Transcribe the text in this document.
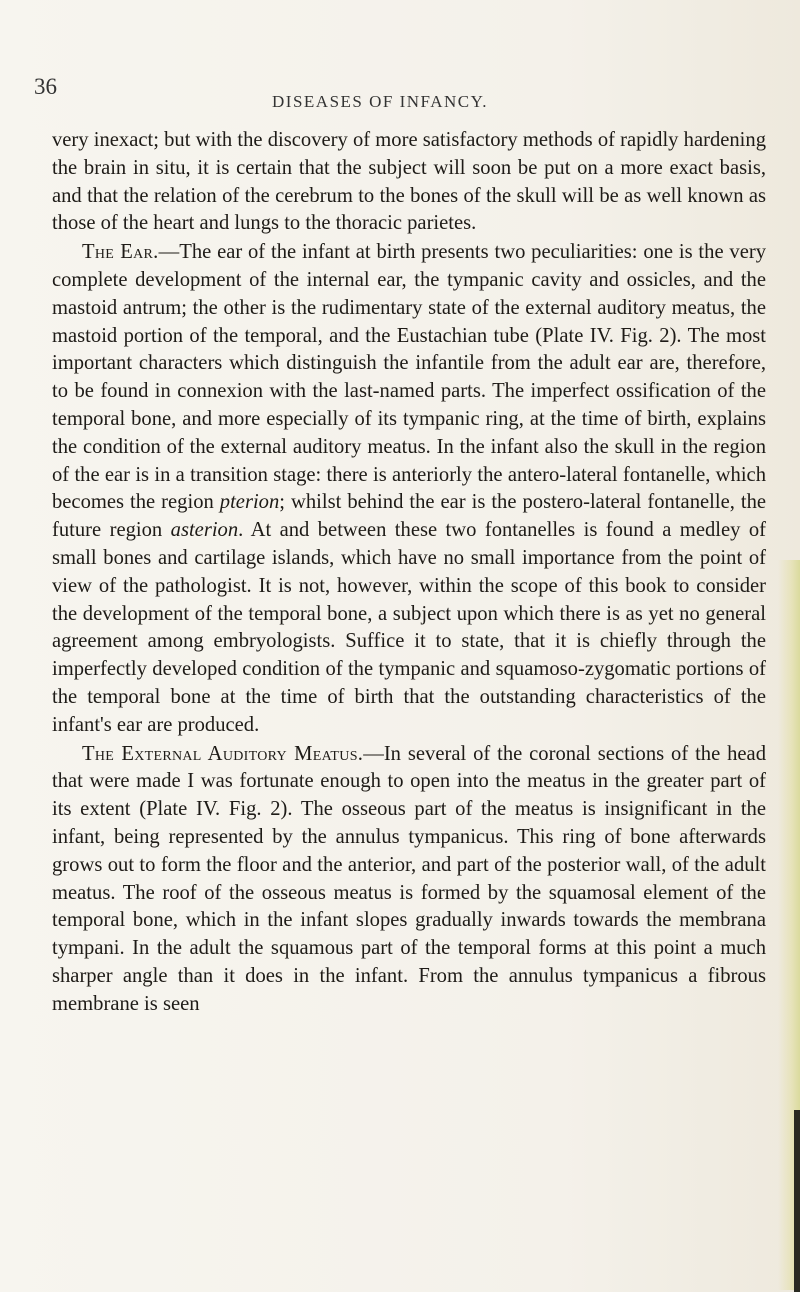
36
DISEASES OF INFANCY.

very inexact; but with the discovery of more satisfactory methods of rapidly hardening the brain in situ, it is certain that the subject will soon be put on a more exact basis, and that the relation of the cerebrum to the bones of the skull will be as well known as those of the heart and lungs to the thoracic parietes.

The Ear.—The ear of the infant at birth presents two peculiarities: one is the very complete development of the internal ear, the tympanic cavity and ossicles, and the mastoid antrum; the other is the rudimentary state of the external auditory meatus, the mastoid portion of the temporal, and the Eustachian tube (Plate IV. Fig. 2). The most important characters which distinguish the infantile from the adult ear are, therefore, to be found in connexion with the last-named parts. The imperfect ossification of the temporal bone, and more especially of its tympanic ring, at the time of birth, explains the condition of the external auditory meatus. In the infant also the skull in the region of the ear is in a transition stage: there is anteriorly the antero-lateral fontanelle, which becomes the region pterion; whilst behind the ear is the postero-lateral fontanelle, the future region asterion. At and between these two fontanelles is found a medley of small bones and cartilage islands, which have no small importance from the point of view of the pathologist. It is not, however, within the scope of this book to consider the development of the temporal bone, a subject upon which there is as yet no general agreement among embryologists. Suffice it to state, that it is chiefly through the imperfectly developed condition of the tympanic and squamoso-zygomatic portions of the temporal bone at the time of birth that the outstanding characteristics of the infant's ear are produced.

The External Auditory Meatus.—In several of the coronal sections of the head that were made I was fortunate enough to open into the meatus in the greater part of its extent (Plate IV. Fig. 2). The osseous part of the meatus is insignificant in the infant, being represented by the annulus tympanicus. This ring of bone afterwards grows out to form the floor and the anterior, and part of the posterior wall, of the adult meatus. The roof of the osseous meatus is formed by the squamosal element of the temporal bone, which in the infant slopes gradually inwards towards the membrana tympani. In the adult the squamous part of the temporal forms at this point a much sharper angle than it does in the infant. From the annulus tympanicus a fibrous membrane is seen
